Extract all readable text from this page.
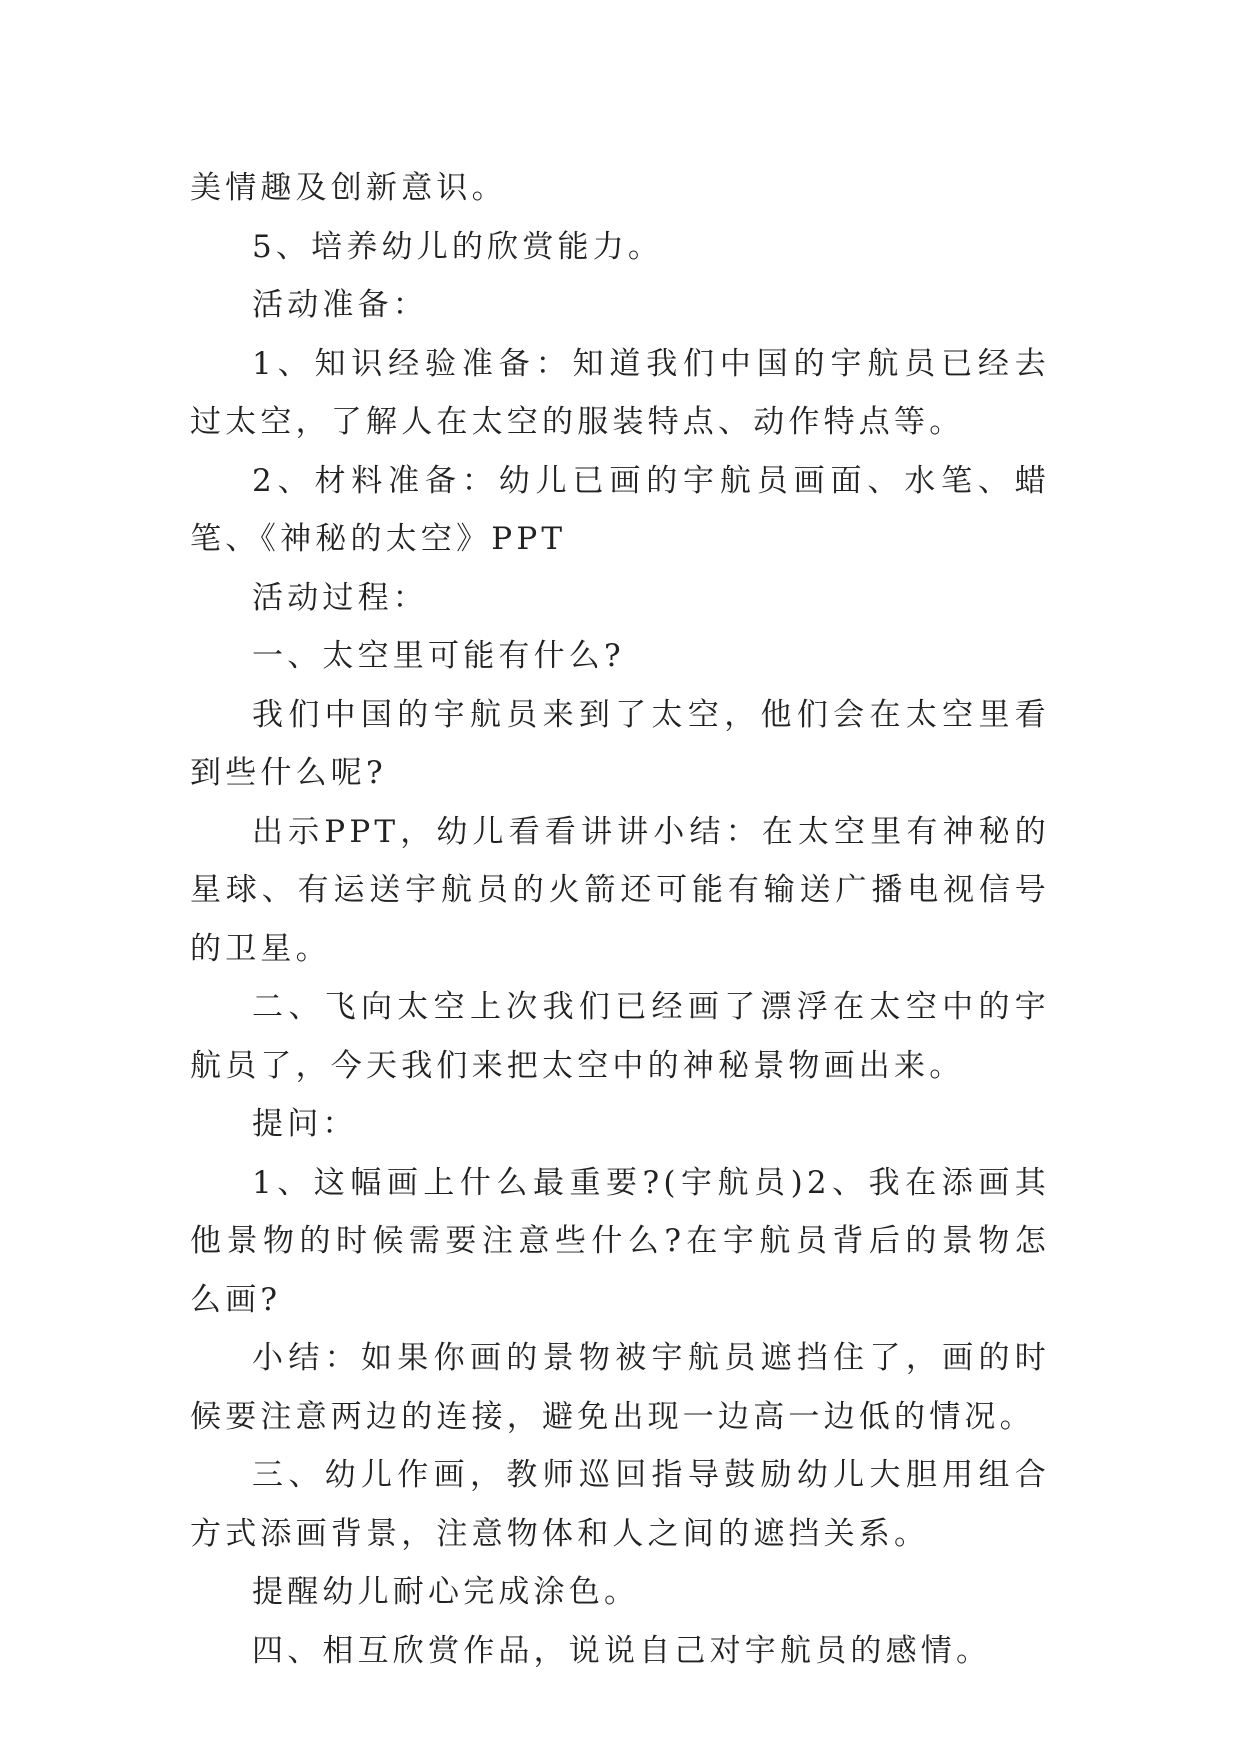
美情趣及创新意识。

5、培养幼儿的欣赏能力。

活动准备：

1、知识经验准备：知道我们中国的宇航员已经去过太空，了解人在太空的服装特点、动作特点等。

2、材料准备：幼儿已画的宇航员画面、水笔、蜡笔、《神秘的太空》PPT

活动过程：

一、太空里可能有什么?

我们中国的宇航员来到了太空，他们会在太空里看到些什么呢?

出示PPT，幼儿看看讲讲小结：在太空里有神秘的星球、有运送宇航员的火箭还可能有输送广播电视信号的卫星。

二、飞向太空上次我们已经画了漂浮在太空中的宇航员了，今天我们来把太空中的神秘景物画出来。

提问：

1、这幅画上什么最重要?(宇航员)2、我在添画其他景物的时候需要注意些什么?在宇航员背后的景物怎么画?

小结：如果你画的景物被宇航员遮挡住了，画的时候要注意两边的连接，避免出现一边高一边低的情况。

三、幼儿作画，教师巡回指导鼓励幼儿大胆用组合方式添画背景，注意物体和人之间的遮挡关系。

提醒幼儿耐心完成涂色。

四、相互欣赏作品，说说自己对宇航员的感情。
